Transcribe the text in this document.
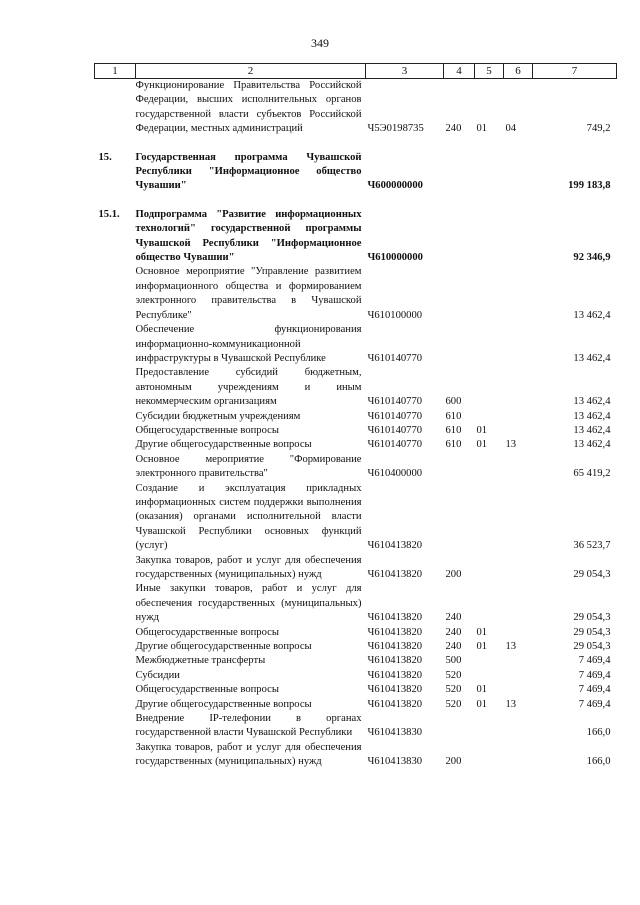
349
1	2	3	4	5	6	7
	Функционирование Правительства Российской Федерации, высших исполнительных органов государственной власти субъектов Российской Федерации, местных администраций	Ч5Э0198735	240	01	04	749,2
15.	Государственная программа Чувашской Республики "Информационное общество Чувашии"	Ч600000000				199 183,8
15.1.	Подпрограмма "Развитие информационных технологий" государственной программы Чувашской Республики "Информационное общество Чувашии"	Ч610000000				92 346,9
	Основное мероприятие "Управление развитием информационного общества и формированием электронного правительства в Чувашской Республике"	Ч610100000				13 462,4
	Обеспечение функционирования информационно-коммуникационной инфраструктуры в Чувашской Республике	Ч610140770				13 462,4
	Предоставление субсидий бюджетным, автономным учреждениям и иным некоммерческим организациям	Ч610140770	600			13 462,4
	Субсидии бюджетным учреждениям	Ч610140770	610			13 462,4
	Общегосударственные вопросы	Ч610140770	610	01		13 462,4
	Другие общегосударственные вопросы	Ч610140770	610	01	13	13 462,4
	Основное мероприятие "Формирование электронного правительства"	Ч610400000				65 419,2
	Создание и эксплуатация прикладных информационных систем поддержки выполнения (оказания) органами исполнительной власти Чувашской Республики основных функций (услуг)	Ч610413820				36 523,7
	Закупка товаров, работ и услуг для обеспечения государственных (муниципальных) нужд	Ч610413820	200			29 054,3
	Иные закупки товаров, работ и услуг для обеспечения государственных (муниципальных) нужд	Ч610413820	240			29 054,3
	Общегосударственные вопросы	Ч610413820	240	01		29 054,3
	Другие общегосударственные вопросы	Ч610413820	240	01	13	29 054,3
	Межбюджетные трансферты	Ч610413820	500			7 469,4
	Субсидии	Ч610413820	520			7 469,4
	Общегосударственные вопросы	Ч610413820	520	01		7 469,4
	Другие общегосударственные вопросы	Ч610413820	520	01	13	7 469,4
	Внедрение IP-телефонии в органах государственной власти Чувашской Республики	Ч610413830				166,0
	Закупка товаров, работ и услуг для обеспечения государственных (муниципальных) нужд	Ч610413830	200			166,0
